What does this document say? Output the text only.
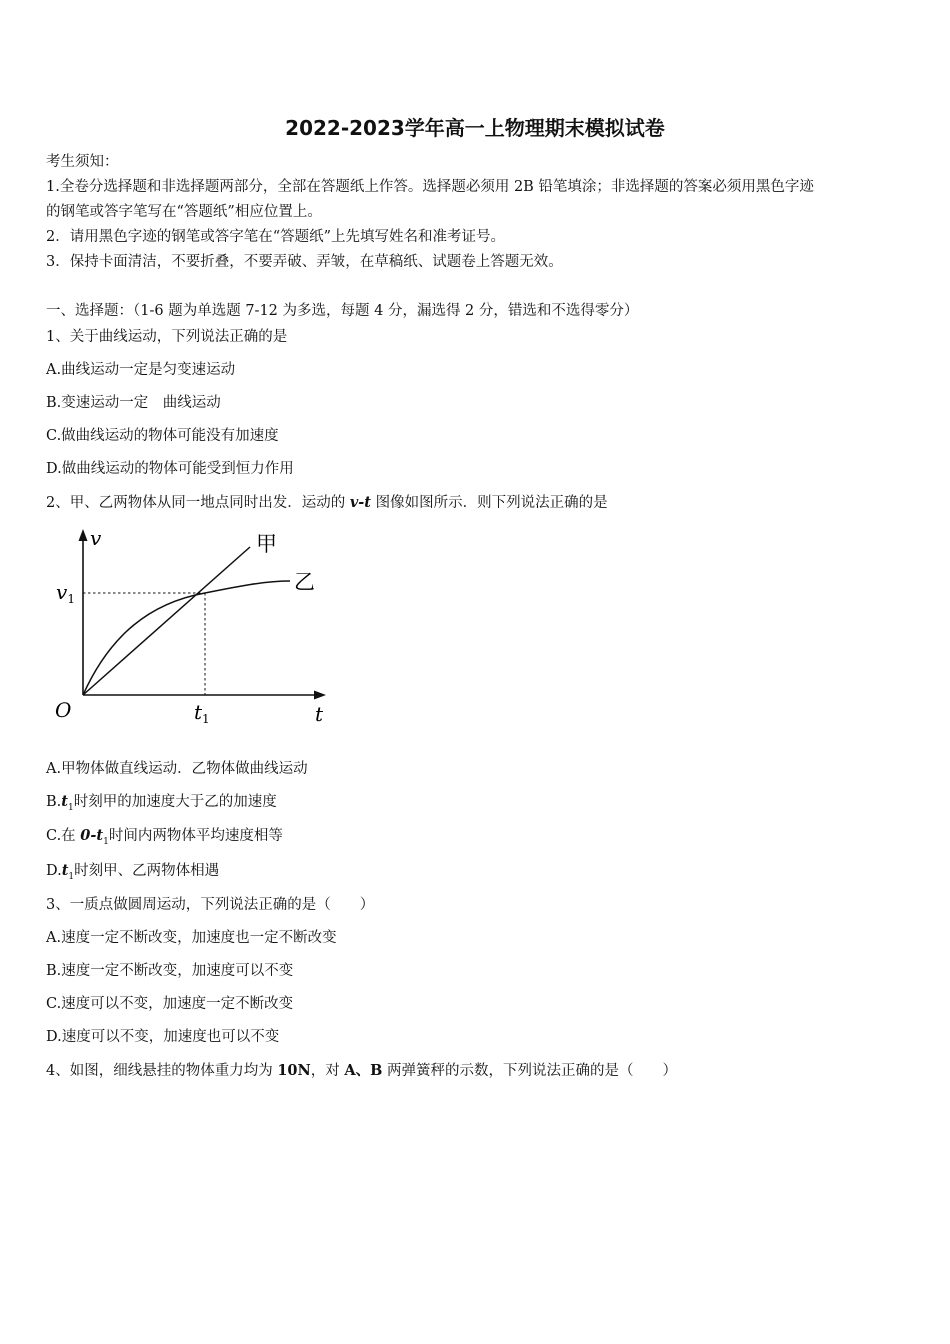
2022-2023学年高一上物理期末模拟试卷
考生须知：
1.全卷分选择题和非选择题两部分，全部在答题纸上作答。选择题必须用 2B 铅笔填涂；非选择题的答案必须用黑色字迹
的钢笔或答字笔写在“答题纸”相应位置上。
2．请用黑色字迹的钢笔或答字笔在“答题纸”上先填写姓名和准考证号。
3．保持卡面清洁，不要折叠，不要弄破、弄皱，在草稿纸、试题卷上答题无效。
一、选择题：（1-6 题为单选题 7-12 为多选，每题 4 分，漏选得 2 分，错选和不选得零分）
1、关于曲线运动，下列说法正确的是
A.曲线运动一定是匀变速运动
B.变速运动一定　曲线运动
C.做曲线运动的物体可能没有加速度
D.做曲线运动的物体可能受到恒力作用
2、甲、乙两物体从同一地点同时出发．运动的 v-t 图像如图所示．则下列说法正确的是
v
t
O
$v_1$
$t_1$
甲
乙
A.甲物体做直线运动．乙物体做曲线运动
$B.t_1$时刻甲的加速度大于乙的加速度
C.在 $0-t_1$时间内两物体平均速度相等
$D.t_1$时刻甲、乙两物体相遇
3、一质点做圆周运动，下列说法正确的是（　　）
A.速度一定不断改变，加速度也一定不断改变
B.速度一定不断改变，加速度可以不变
C.速度可以不变，加速度一定不断改变
D.速度可以不变，加速度也可以不变
4、如图，细线悬挂的物体重力均为 10N，对 A、B 两弹簧秤的示数，下列说法正确的是（　　）
